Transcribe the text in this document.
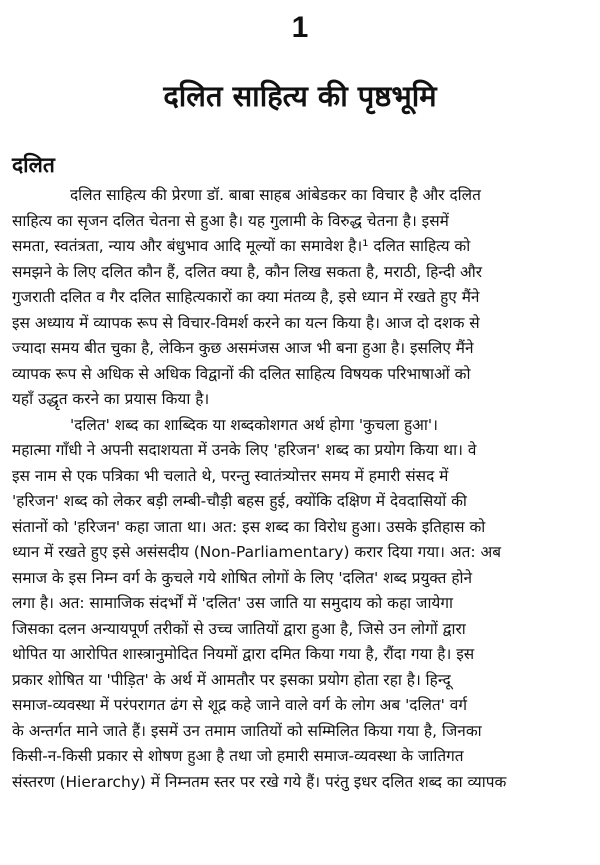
1
दलित साहित्य की पृष्ठभूमि
दलित
दलित साहित्य की प्रेरणा डॉ. बाबा साहब आंबेडकर का विचार है और दलित
साहित्य का सृजन दलित चेतना से हुआ है। यह गुलामी के विरुद्ध चेतना है। इसमें
समता, स्वतंत्रता, न्याय और बंधुभाव आदि मूल्यों का समावेश है।¹ दलित साहित्य को
समझने के लिए दलित कौन हैं, दलित क्या है, कौन लिख सकता है, मराठी, हिन्दी और
गुजराती दलित व गैर दलित साहित्यकारों का क्या मंतव्य है, इसे ध्यान में रखते हुए मैंने
इस अध्याय में व्यापक रूप से विचार-विमर्श करने का यत्न किया है। आज दो दशक से
ज्यादा समय बीत चुका है, लेकिन कुछ असमंजस आज भी बना हुआ है। इसलिए मैंने
व्यापक रूप से अधिक से अधिक विद्वानों की दलित साहित्य विषयक परिभाषाओं को
यहाँ उद्धृत करने का प्रयास किया है।
'दलित' शब्द का शाब्दिक या शब्दकोशगत अर्थ होगा 'कुचला हुआ'।
महात्मा गाँधी ने अपनी सदाशयता में उनके लिए 'हरिजन' शब्द का प्रयोग किया था। वे
इस नाम से एक पत्रिका भी चलाते थे, परन्तु स्वातंत्र्योत्तर समय में हमारी संसद में
'हरिजन' शब्द को लेकर बड़ी लम्बी-चौड़ी बहस हुई, क्योंकि दक्षिण में देवदासियों की
संतानों को 'हरिजन' कहा जाता था। अत: इस शब्द का विरोध हुआ। उसके इतिहास को
ध्यान में रखते हुए इसे असंसदीय (Non-Parliamentary) करार दिया गया। अत: अब
समाज के इस निम्न वर्ग के कुचले गये शोषित लोगों के लिए 'दलित' शब्द प्रयुक्त होने
लगा है। अत: सामाजिक संदर्भों में 'दलित' उस जाति या समुदाय को कहा जायेगा
जिसका दलन अन्यायपूर्ण तरीकों से उच्च जातियों द्वारा हुआ है, जिसे उन लोगों द्वारा
थोपित या आरोपित शास्त्रानुमोदित नियमों द्वारा दमित किया गया है, रौंदा गया है। इस
प्रकार शोषित या 'पीड़ित' के अर्थ में आमतौर पर इसका प्रयोग होता रहा है। हिन्दू
समाज-व्यवस्था में परंपरागत ढंग से शूद्र कहे जाने वाले वर्ग के लोग अब 'दलित' वर्ग
के अन्तर्गत माने जाते हैं। इसमें उन तमाम जातियों को सम्मिलित किया गया है, जिनका
किसी-न-किसी प्रकार से शोषण हुआ है तथा जो हमारी समाज-व्यवस्था के जातिगत
संस्तरण (Hierarchy) में निम्नतम स्तर पर रखे गये हैं। परंतु इधर दलित शब्द का व्यापक
